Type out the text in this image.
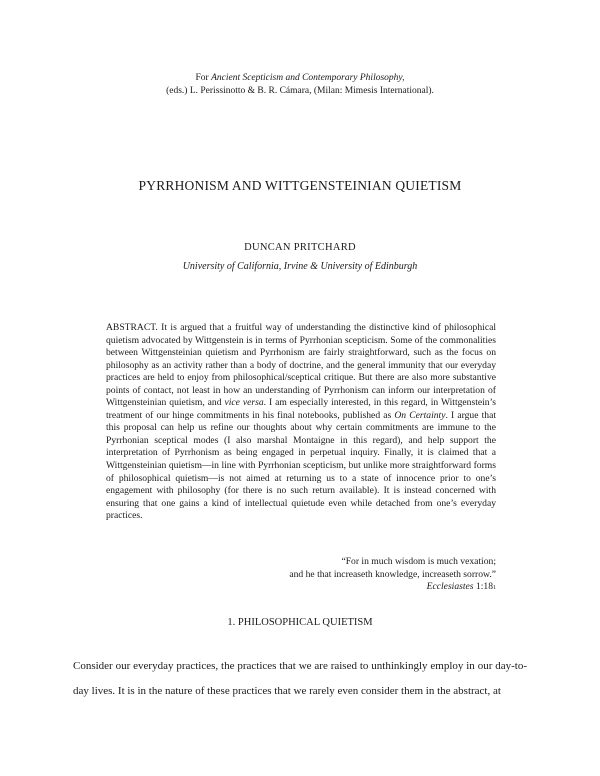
For Ancient Scepticism and Contemporary Philosophy,
(eds.) L. Perissinotto & B. R. Cámara, (Milan: Mimesis International).
PYRRHONISM AND WITTGENSTEINIAN QUIETISM
DUNCAN PRITCHARD
University of California, Irvine & University of Edinburgh

ABSTRACT. It is argued that a fruitful way of understanding the distinctive kind of philosophical quietism advocated by Wittgenstein is in terms of Pyrrhonian scepticism. Some of the commonalities between Wittgensteinian quietism and Pyrrhonism are fairly straightforward, such as the focus on philosophy as an activity rather than a body of doctrine, and the general immunity that our everyday practices are held to enjoy from philosophical/sceptical critique. But there are also more substantive points of contact, not least in how an understanding of Pyrrhonism can inform our interpretation of Wittgensteinian quietism, and vice versa. I am especially interested, in this regard, in Wittgenstein’s treatment of our hinge commitments in his final notebooks, published as On Certainty. I argue that this proposal can help us refine our thoughts about why certain commitments are immune to the Pyrrhonian sceptical modes (I also marshal Montaigne in this regard), and help support the interpretation of Pyrrhonism as being engaged in perpetual inquiry. Finally, it is claimed that a Wittgensteinian quietism—in line with Pyrrhonian scepticism, but unlike more straightforward forms of philosophical quietism—is not aimed at returning us to a state of innocence prior to one’s engagement with philosophy (for there is no such return available). It is instead concerned with ensuring that one gains a kind of intellectual quietude even while detached from one’s everyday practices.

“For in much wisdom is much vexation;
and he that increaseth knowledge, increaseth sorrow.”
Ecclesiastes $1:18^1$
1. PHILOSOPHICAL QUIETISM

Consider our everyday practices, the practices that we are raised to unthinkingly employ in our day-to-day lives. It is in the nature of these practices that we rarely even consider them in the abstract, at
